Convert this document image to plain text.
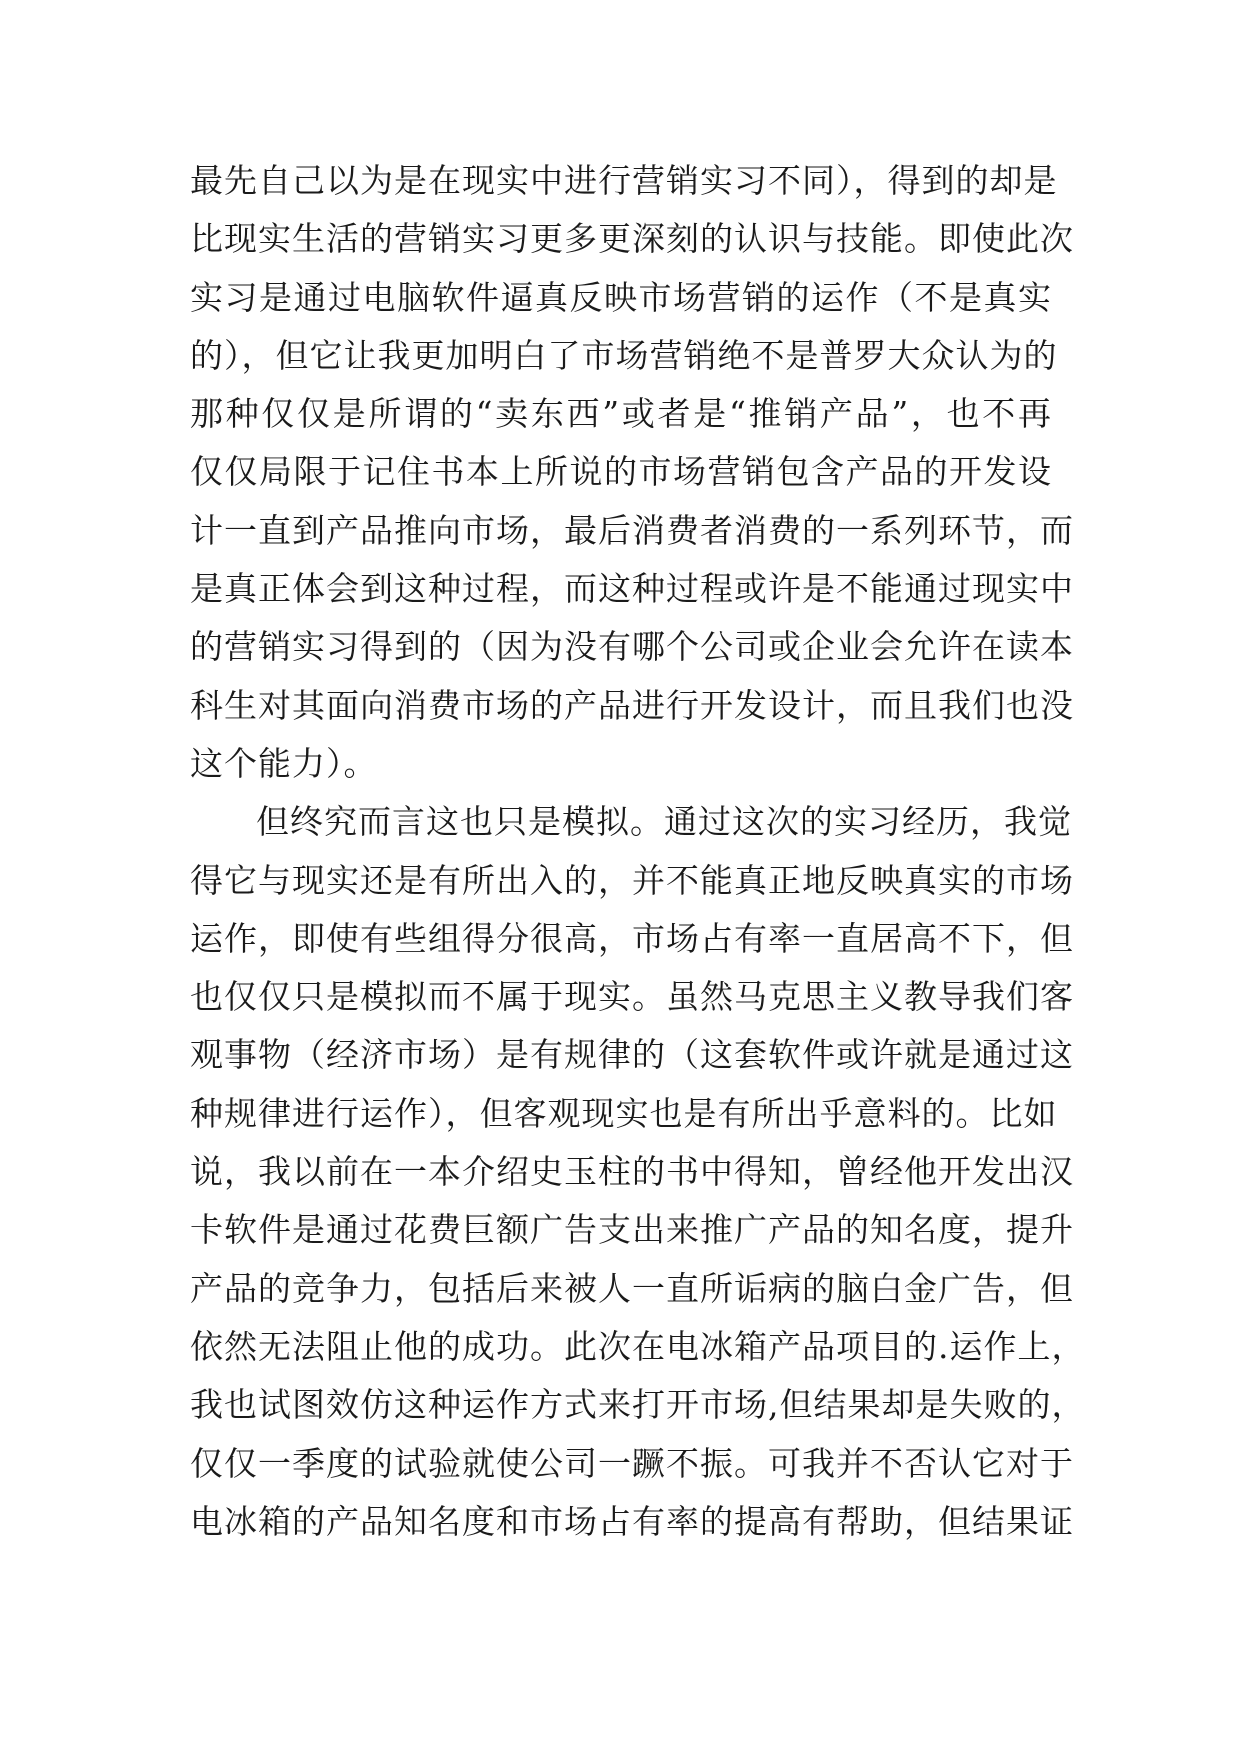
最先自己以为是在现实中进行营销实习不同），得到的却是
比现实生活的营销实习更多更深刻的认识与技能。即使此次
实习是通过电脑软件逼真反映市场营销的运作（不是真实
的），但它让我更加明白了市场营销绝不是普罗大众认为的
那种仅仅是所谓的“卖东西”或者是“推销产品”，也不再
仅仅局限于记住书本上所说的市场营销包含产品的开发设
计一直到产品推向市场，最后消费者消费的一系列环节，而
是真正体会到这种过程，而这种过程或许是不能通过现实中
的营销实习得到的（因为没有哪个公司或企业会允许在读本
科生对其面向消费市场的产品进行开发设计，而且我们也没
这个能力）。
但终究而言这也只是模拟。通过这次的实习经历，我觉
得它与现实还是有所出入的，并不能真正地反映真实的市场
运作，即使有些组得分很高，市场占有率一直居高不下，但
也仅仅只是模拟而不属于现实。虽然马克思主义教导我们客
观事物（经济市场）是有规律的（这套软件或许就是通过这
种规律进行运作），但客观现实也是有所出乎意料的。比如
说，我以前在一本介绍史玉柱的书中得知，曾经他开发出汉
卡软件是通过花费巨额广告支出来推广产品的知名度，提升
产品的竞争力，包括后来被人一直所诟病的脑白金广告，但
依然无法阻止他的成功。此次在电冰箱产品项目的.运作上，
我也试图效仿这种运作方式来打开市场,但结果却是失败的，
仅仅一季度的试验就使公司一蹶不振。可我并不否认它对于
电冰箱的产品知名度和市场占有率的提高有帮助，但结果证
